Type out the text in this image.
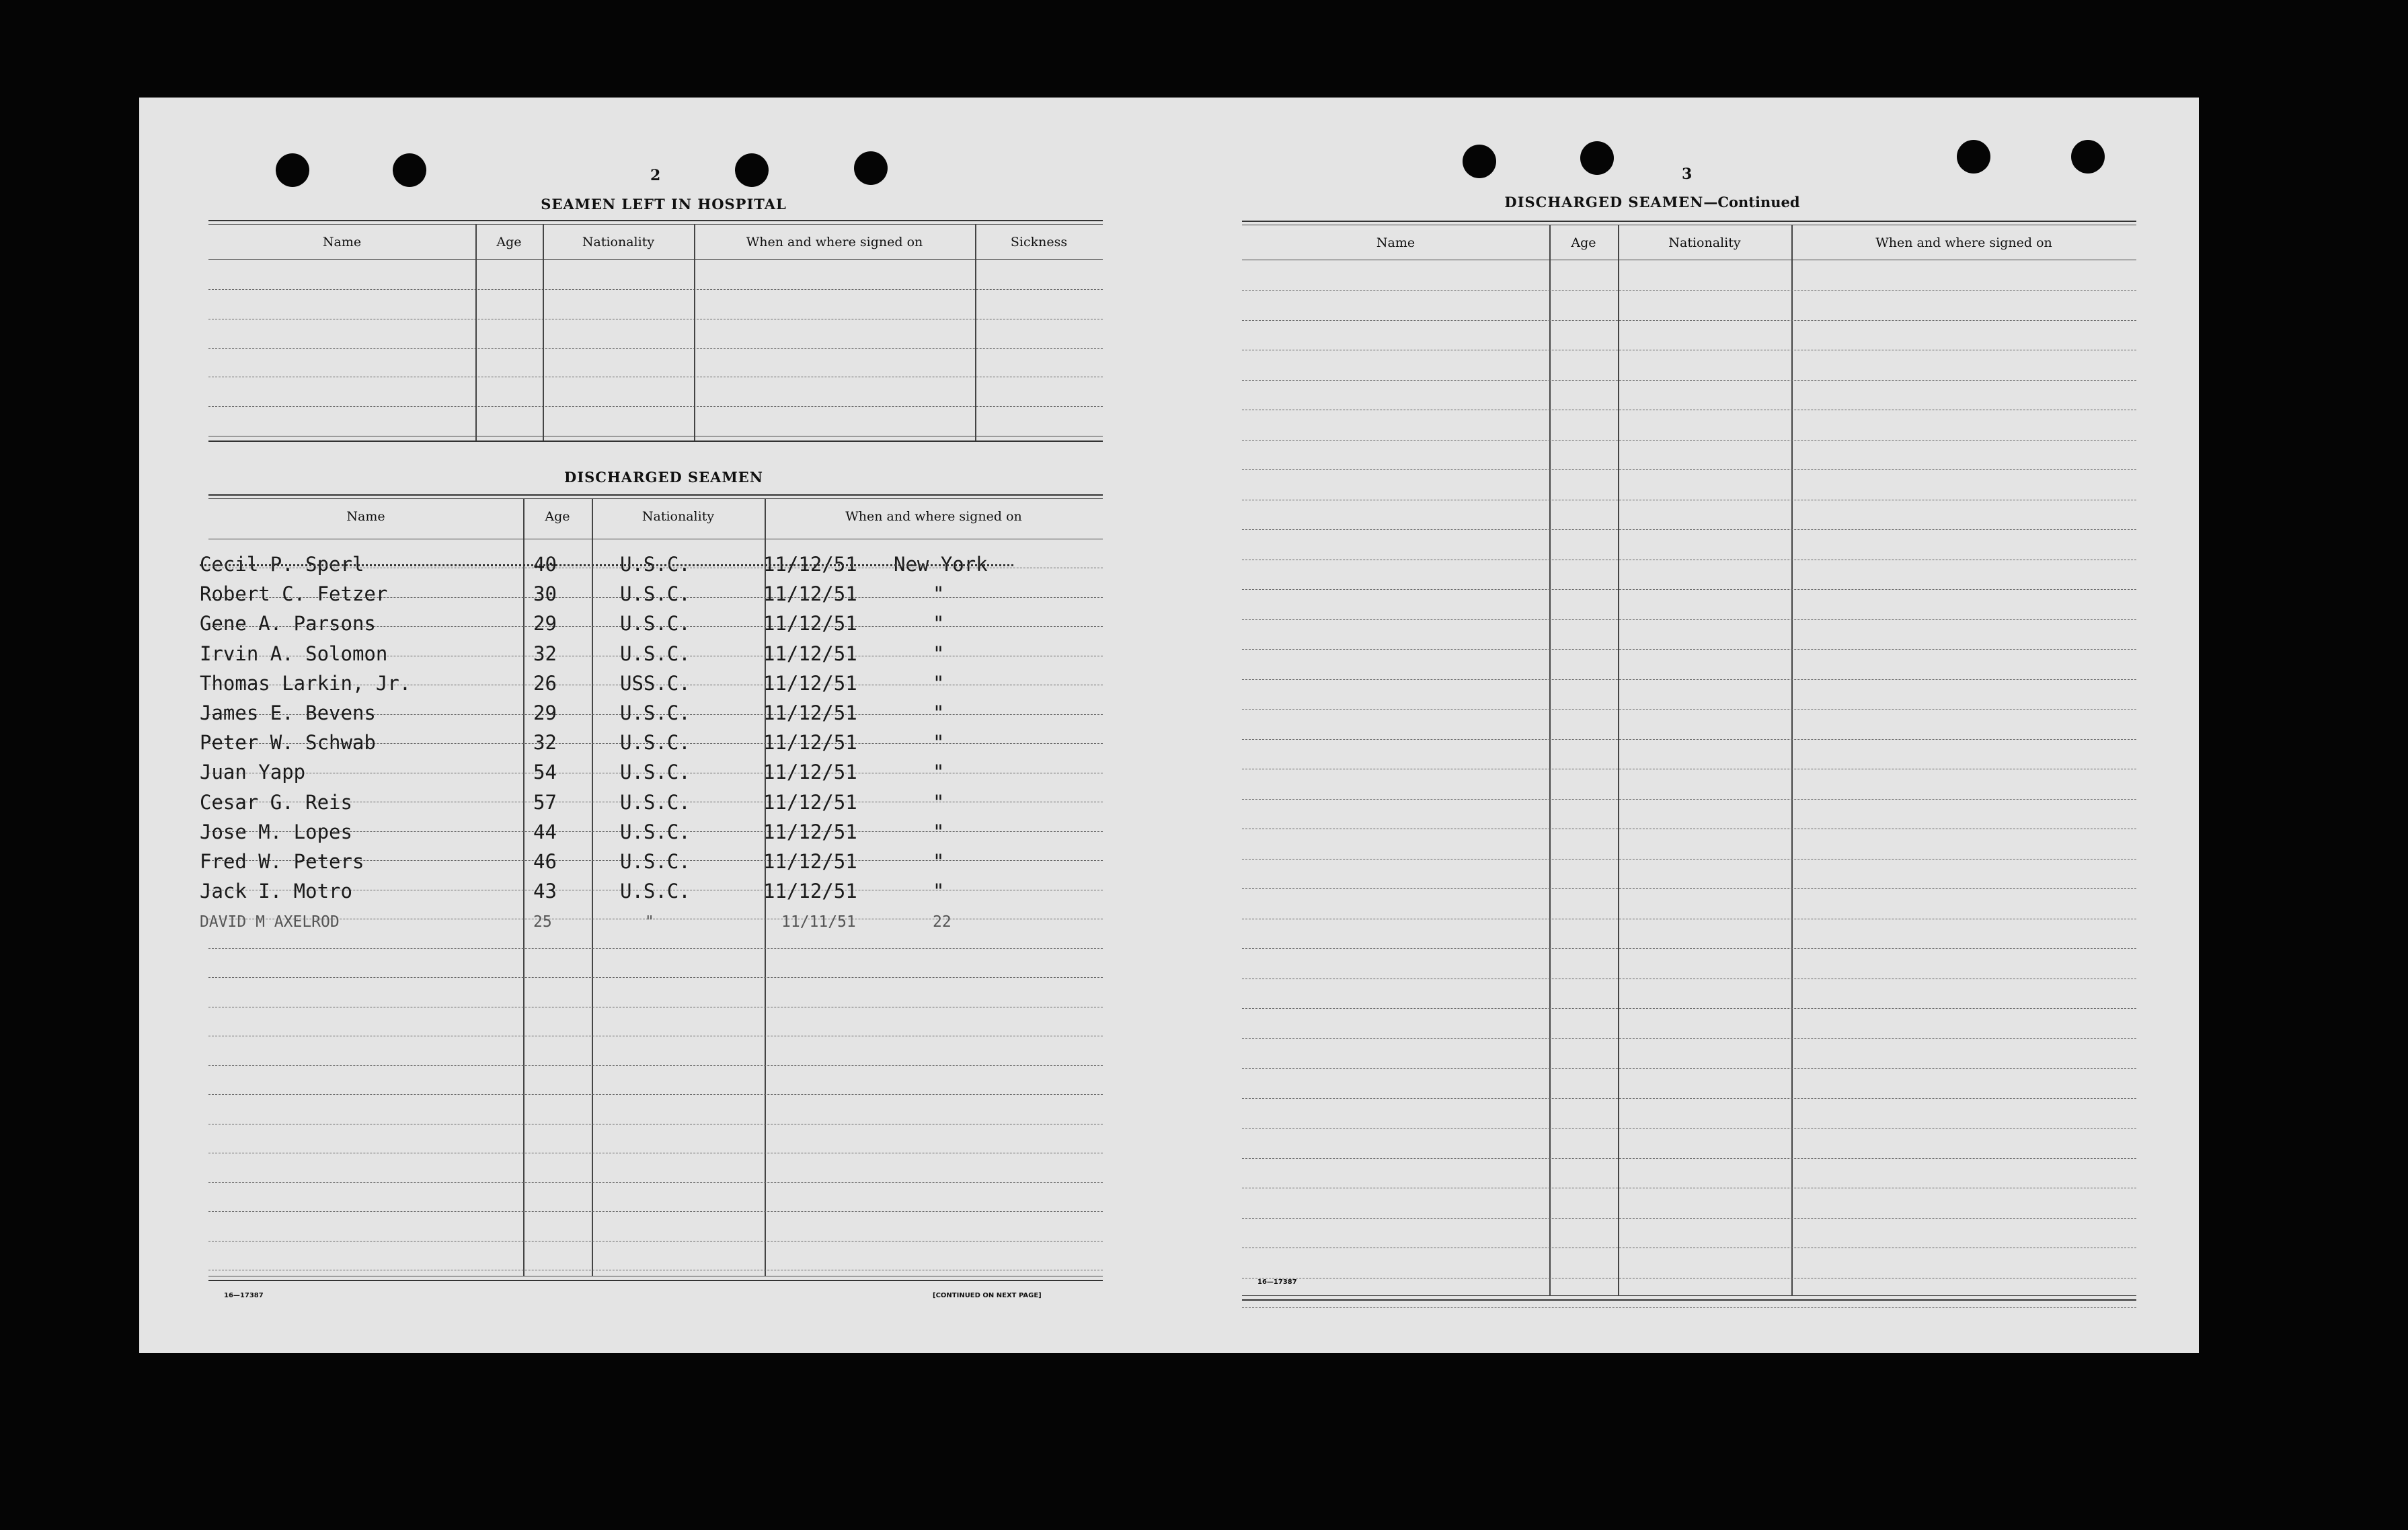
2
SEAMEN LEFT IN HOSPITAL
Name	Age	Nationality	When and where signed on	Sickness
DISCHARGED SEAMEN
Name	Age	Nationality	When and where signed on
Cecil P. Sperl	40	U.S.C.	11/12/51 New York
Robert C. Fetzer	30	U.S.C.	11/12/51	"
Gene A. Parsons	29	U.S.C.	11/12/51	"
Irvin A. Solomon	32	U.S.C.	11/12/51	"
Thomas Larkin, Jr.	26	USS.C.	11/12/51	"
James E. Bevens	29	U.S.C.	11/12/51	"
Peter W. Schwab	32	U.S.C.	11/12/51	"
Juan Yapp	54	U.S.C.	11/12/51	"
Cesar G. Reis	57	U.S.C.	11/12/51	"
Jose M. Lopes	44	U.S.C.	11/12/51	"
Fred W. Peters	46	U.S.C.	11/12/51	"
Jack I. Motro	43	U.S.C.	11/12/51	"
DAVID M AXELROD	25	"	11/11/51	22
16—17387	[CONTINUED ON NEXT PAGE]
3
DISCHARGED SEAMEN—Continued
Name	Age	Nationality	When and where signed on
16—17387
